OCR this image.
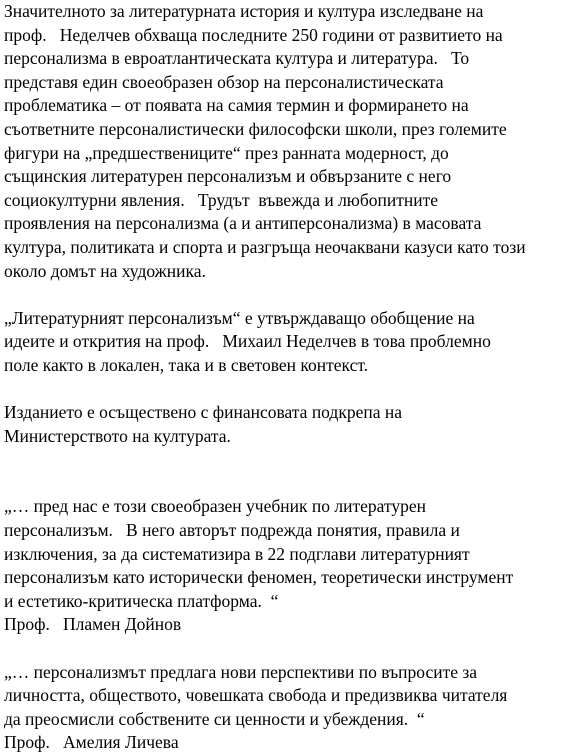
Значителното за литературната история и култура изследване на
проф.   Неделчев обхваща последните 250 години от развитието на
персонализма в евроатлантическата култура и литература.   То
представя един своеобразен обзор на персоналистическата
проблематика – от появата на самия термин и формирането на
съответните персоналистически философски школи, през големите
фигури на „предшествениците“ през ранната модерност, до
същинския литературен персонализъм и обвързаните с него
социокултурни явления.   Трудът  въвежда и любопитните
проявления на персонализма (а и антиперсонализма) в масовата
култура, политиката и спорта и разгръща неочаквани казуси като този
около домът на художника.
„Литературният персонализъм“ е утвърждаващо обобщение на
идеите и открития на проф.   Михаил Неделчев в това проблемно
поле както в локален, така и в световен контекст.
Изданието е осъществено с финансовата подкрепа на
Министерството на културата.
„… пред нас е този своеобразен учебник по литературен
персонализъм.   В него авторът подрежда понятия, правила и
изключения, за да систематизира в 22 подглави литературният
персонализъм като исторически феномен, теоретически инструмент
и естетико-критическа платформа.  “
Проф.   Пламен Дойнов
„… персонализмът предлага нови перспективи по въпросите за
личността, обществото, човешката свобода и предизвиква читателя
да преосмисли собствените си ценности и убеждения.  “
Проф.   Амелия Личева
